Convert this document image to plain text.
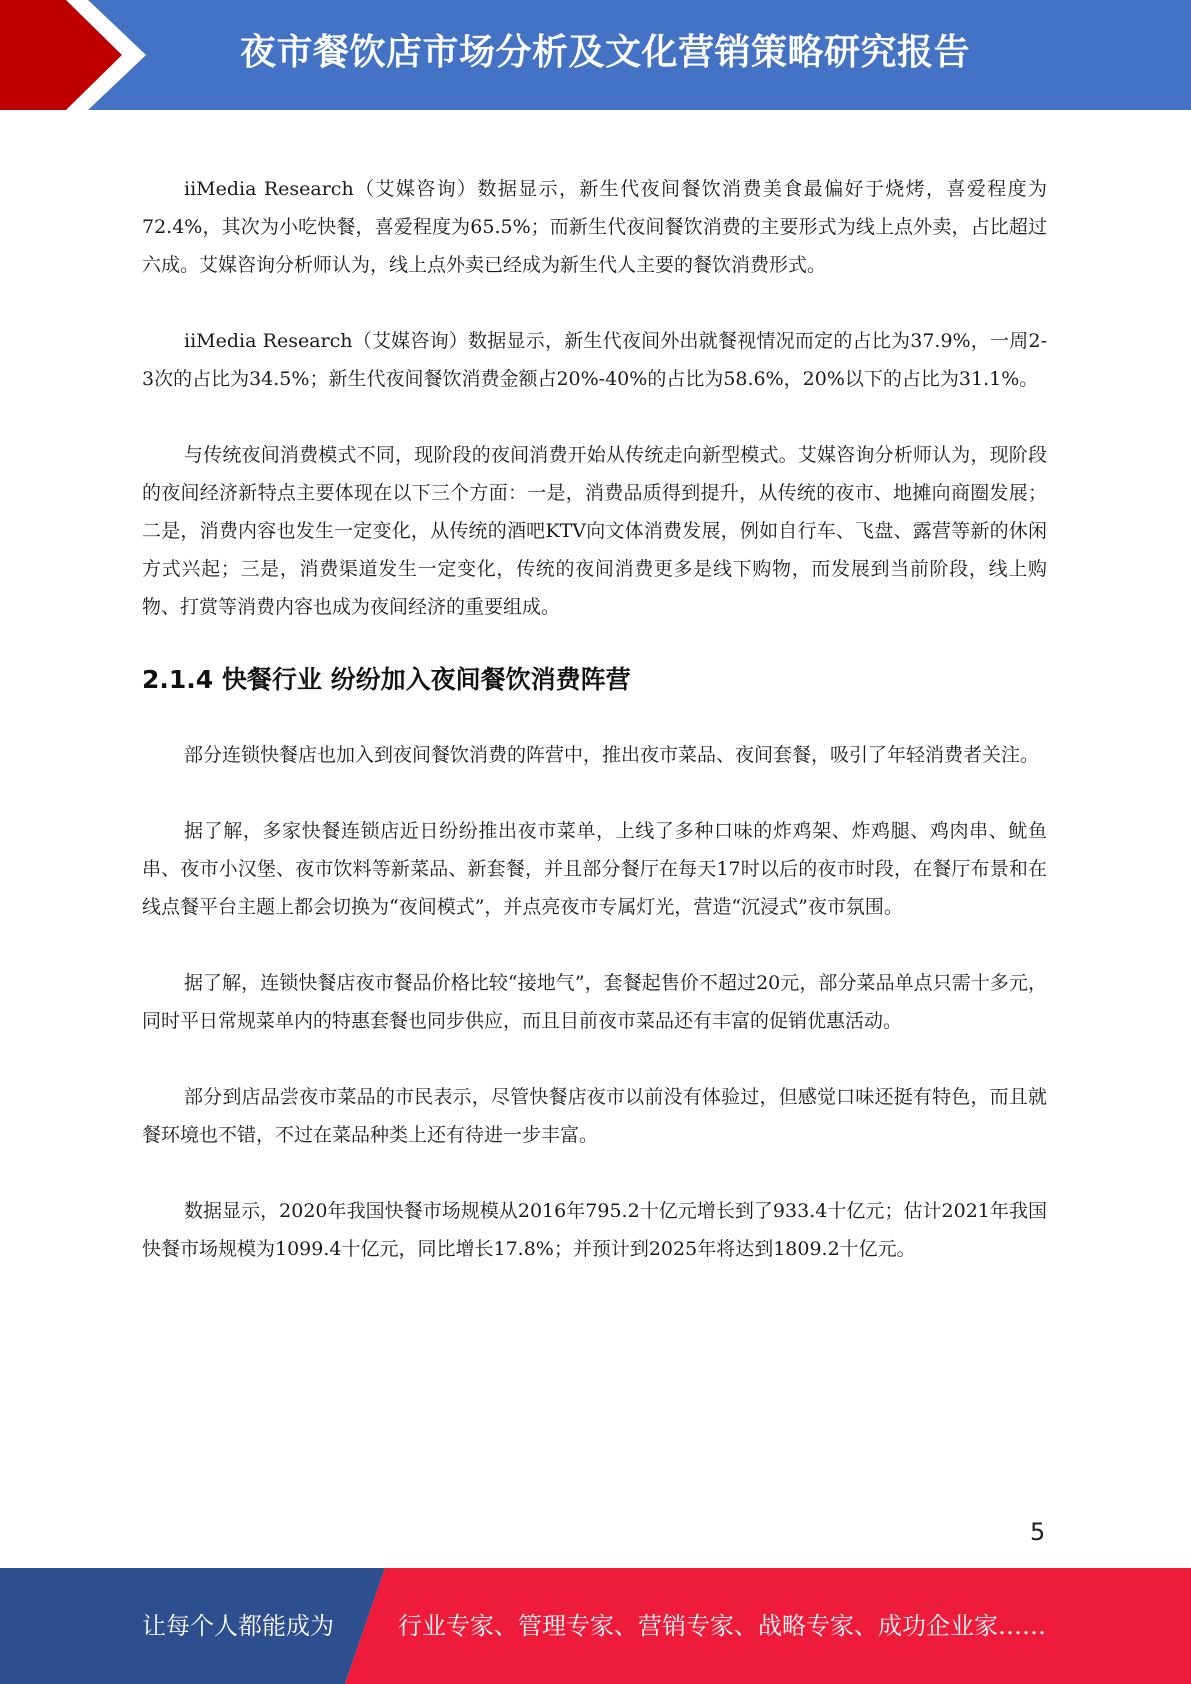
夜市餐饮店市场分析及文化营销策略研究报告

iiMedia Research（艾媒咨询）数据显示，新生代夜间餐饮消费美食最偏好于烧烤，喜爱程度为72.4%，其次为小吃快餐，喜爱程度为65.5%；而新生代夜间餐饮消费的主要形式为线上点外卖，占比超过六成。艾媒咨询分析师认为，线上点外卖已经成为新生代人主要的餐饮消费形式。

iiMedia Research（艾媒咨询）数据显示，新生代夜间外出就餐视情况而定的占比为37.9%，一周2-3次的占比为34.5%；新生代夜间餐饮消费金额占20%-40%的占比为58.6%，20%以下的占比为31.1%。

与传统夜间消费模式不同，现阶段的夜间消费开始从传统走向新型模式。艾媒咨询分析师认为，现阶段的夜间经济新特点主要体现在以下三个方面：一是，消费品质得到提升，从传统的夜市、地摊向商圈发展；二是，消费内容也发生一定变化，从传统的酒吧KTV向文体消费发展，例如自行车、飞盘、露营等新的休闲方式兴起；三是，消费渠道发生一定变化，传统的夜间消费更多是线下购物，而发展到当前阶段，线上购物、打赏等消费内容也成为夜间经济的重要组成。

2.1.4 快餐行业 纷纷加入夜间餐饮消费阵营

部分连锁快餐店也加入到夜间餐饮消费的阵营中，推出夜市菜品、夜间套餐，吸引了年轻消费者关注。

据了解，多家快餐连锁店近日纷纷推出夜市菜单，上线了多种口味的炸鸡架、炸鸡腿、鸡肉串、鱿鱼串、夜市小汉堡、夜市饮料等新菜品、新套餐，并且部分餐厅在每天17时以后的夜市时段，在餐厅布景和在线点餐平台主题上都会切换为“夜间模式”，并点亮夜市专属灯光，营造“沉浸式”夜市氛围。

据了解，连锁快餐店夜市餐品价格比较“接地气”，套餐起售价不超过20元，部分菜品单点只需十多元，同时平日常规菜单内的特惠套餐也同步供应，而且目前夜市菜品还有丰富的促销优惠活动。

部分到店品尝夜市菜品的市民表示，尽管快餐店夜市以前没有体验过，但感觉口味还挺有特色，而且就餐环境也不错，不过在菜品种类上还有待进一步丰富。

数据显示，2020年我国快餐市场规模从2016年795.2十亿元增长到了933.4十亿元；估计2021年我国快餐市场规模为1099.4十亿元，同比增长17.8%；并预计到2025年将达到1809.2十亿元。

5
让每个人都能成为	行业专家、管理专家、营销专家、战略专家、成功企业家……
